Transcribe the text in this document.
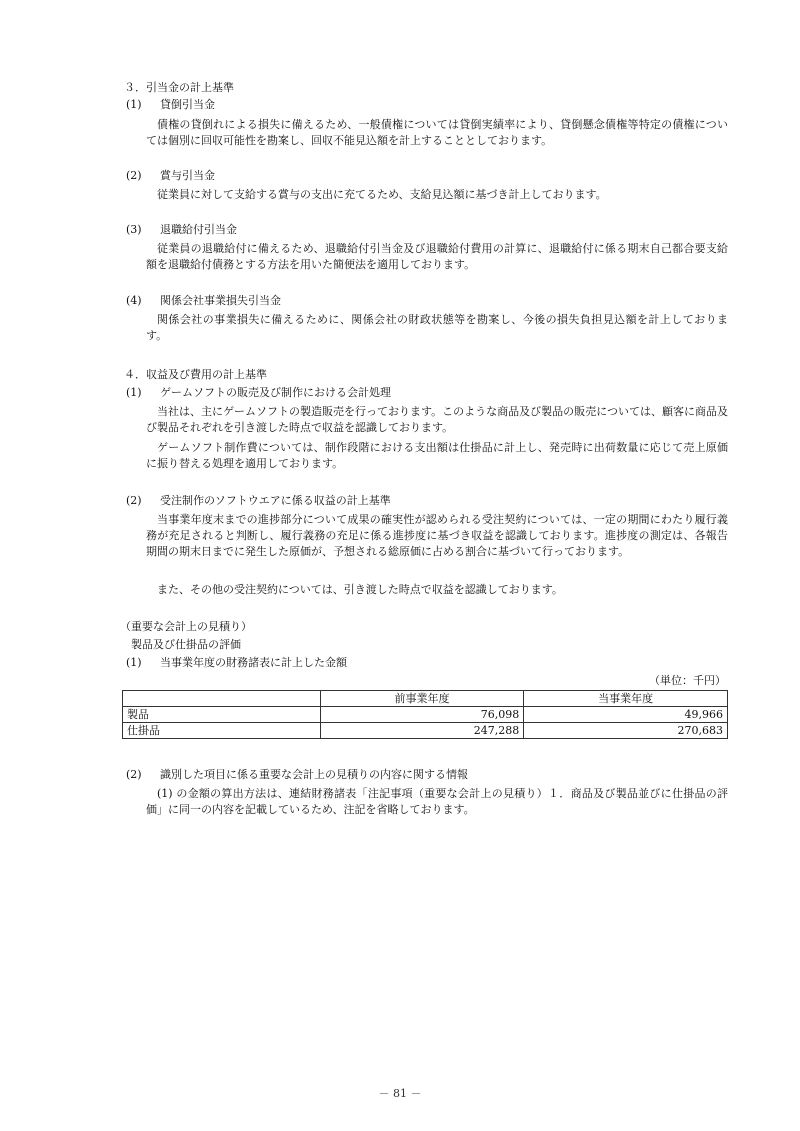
３．引当金の計上基準
(1) 貸倒引当金

債権の貸倒れによる損失に備えるため、一般債権については貸倒実績率により、貸倒懸念債権等特定の債権については個別に回収可能性を勘案し、回収不能見込額を計上することとしております。

(2) 賞与引当金

従業員に対して支給する賞与の支出に充てるため、支給見込額に基づき計上しております。

(3) 退職給付引当金

従業員の退職給付に備えるため、退職給付引当金及び退職給付費用の計算に、退職給付に係る期末自己都合要支給額を退職給付債務とする方法を用いた簡便法を適用しております。

(4) 関係会社事業損失引当金

関係会社の事業損失に備えるために、関係会社の財政状態等を勘案し、今後の損失負担見込額を計上しております。

４．収益及び費用の計上基準
(1) ゲームソフトの販売及び制作における会計処理

当社は、主にゲームソフトの製造販売を行っております。このような商品及び製品の販売については、顧客に商品及び製品それぞれを引き渡した時点で収益を認識しております。

ゲームソフト制作費については、制作段階における支出額は仕掛品に計上し、発売時に出荷数量に応じて売上原価に振り替える処理を適用しております。

(2) 受注制作のソフトウエアに係る収益の計上基準

当事業年度末までの進捗部分について成果の確実性が認められる受注契約については、一定の期間にわたり履行義務が充足されると判断し、履行義務の充足に係る進捗度に基づき収益を認識しております。進捗度の測定は、各報告期間の期末日までに発生した原価が、予想される総原価に占める割合に基づいて行っております。

また、その他の受注契約については、引き渡した時点で収益を認識しております。

（重要な会計上の見積り）
製品及び仕掛品の評価
(1) 当事業年度の財務諸表に計上した金額
（単位：千円）
	前事業年度	当事業年度
製品	76,098	49,966
仕掛品	247,288	270,683
(2) 識別した項目に係る重要な会計上の見積りの内容に関する情報

(1) の金額の算出方法は、連結財務諸表「注記事項（重要な会計上の見積り）１．商品及び製品並びに仕掛品の評価」に同一の内容を記載しているため、注記を省略しております。

－ 81 －
